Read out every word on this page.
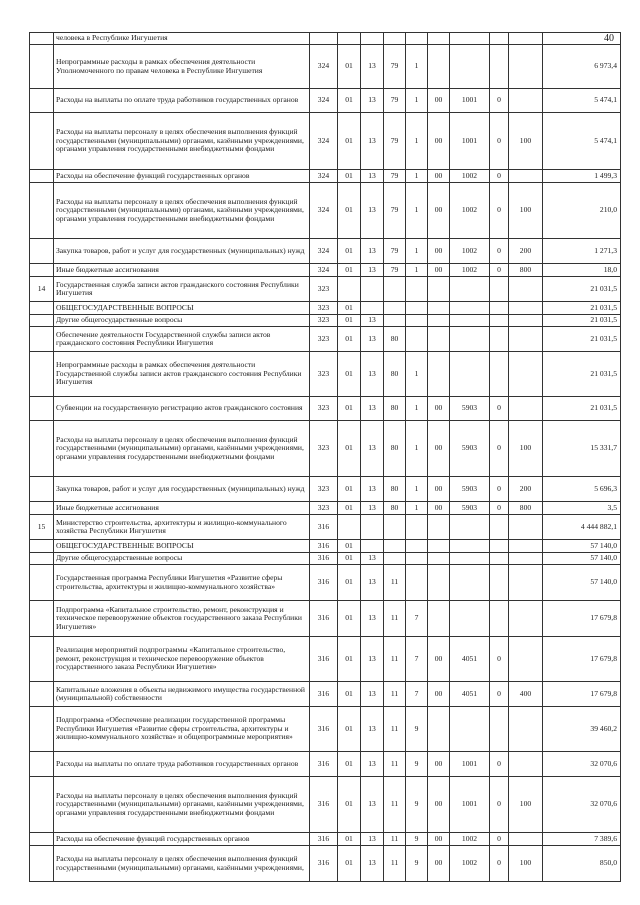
40
	человека в Республике Ингушетия										
	Непрограммные расходы в рамках обеспечения деятельности Уполномоченного по правам человека в Республике Ингушетия	324	01	13	79	1					6 973,4
	Расходы на выплаты по оплате труда работников государственных органов	324	01	13	79	1	00	1001	0		5 474,1
	Расходы на выплаты персоналу в целях обеспечения выполнения функций государственными (муниципальными) органами, казёнными учреждениями, органами управления государственными внебюджетными фондами	324	01	13	79	1	00	1001	0	100	5 474,1
	Расходы на обеспечение функций государственных органов	324	01	13	79	1	00	1002	0		1 499,3
	Расходы на выплаты персоналу в целях обеспечения выполнения функций государственными (муниципальными) органами, казёнными учреждениями, органами управления государственными внебюджетными фондами	324	01	13	79	1	00	1002	0	100	210,0
	Закупка товаров, работ и услуг для государственных (муниципальных) нужд	324	01	13	79	1	00	1002	0	200	1 271,3
	Иные бюджетные ассигнования	324	01	13	79	1	00	1002	0	800	18,0
14	Государственная служба записи актов гражданского состояния Республики Ингушетия	323									21 031,5
	ОБЩЕГОСУДАРСТВЕННЫЕ ВОПРОСЫ	323	01								21 031,5
	Другие общегосударственные вопросы	323	01	13							21 031,5
	Обеспечение деятельности Государственной службы записи актов гражданского состояния Республики Ингушетия	323	01	13	80						21 031,5
	Непрограммные расходы в рамках обеспечения деятельности Государственной службы записи актов гражданского состояния Республики Ингушетия	323	01	13	80	1					21 031,5
	Субвенции на государственную регистрацию актов гражданского состояния	323	01	13	80	1	00	5903	0		21 031,5
	Расходы на выплаты персоналу в целях обеспечения выполнения функций государственными (муниципальными) органами, казёнными учреждениями, органами управления государственными внебюджетными фондами	323	01	13	80	1	00	5903	0	100	15 331,7
	Закупка товаров, работ и услуг для государственных (муниципальных) нужд	323	01	13	80	1	00	5903	0	200	5 696,3
	Иные бюджетные ассигнования	323	01	13	80	1	00	5903	0	800	3,5
15	Министерство строительства, архитектуры и жилищно-коммунального хозяйства Республики Ингушетия	316									4 444 882,1
	ОБЩЕГОСУДАРСТВЕННЫЕ ВОПРОСЫ	316	01								57 140,0
	Другие общегосударственные вопросы	316	01	13							57 140,0
	Государственная программа Республики Ингушетия «Развитие сферы строительства, архитектуры и жилищно-коммунального хозяйства»	316	01	13	11						57 140,0
	Подпрограмма «Капитальное строительство, ремонт, реконструкция и техническое перевооружение объектов государственного заказа Республики Ингушетия»	316	01	13	11	7					17 679,8
	Реализация мероприятий подпрограммы «Капитальное строительство, ремонт, реконструкция и техническое перевооружение объектов государственного заказа Республики Ингушетия»	316	01	13	11	7	00	4051	0		17 679,8
	Капитальные вложения в объекты недвижимого имущества государственной (муниципальной) собственности	316	01	13	11	7	00	4051	0	400	17 679,8
	Подпрограмма «Обеспечение реализации государственной программы Республики Ингушетия «Развитие сферы строительства, архитектуры и жилищно-коммунального хозяйства» и общепрограммные мероприятия»	316	01	13	11	9					39 460,2
	Расходы на выплаты по оплате труда работников государственных органов	316	01	13	11	9	00	1001	0		32 070,6
	Расходы на выплаты персоналу в целях обеспечения выполнения функций государственными (муниципальными) органами, казёнными учреждениями, органами управления государственными внебюджетными фондами	316	01	13	11	9	00	1001	0	100	32 070,6
	Расходы на обеспечение функций государственных органов	316	01	13	11	9	00	1002	0		7 389,6
	Расходы на выплаты персоналу в целях обеспечения выполнения функций государственными (муниципальными) органами, казёнными учреждениями,	316	01	13	11	9	00	1002	0	100	850,0
